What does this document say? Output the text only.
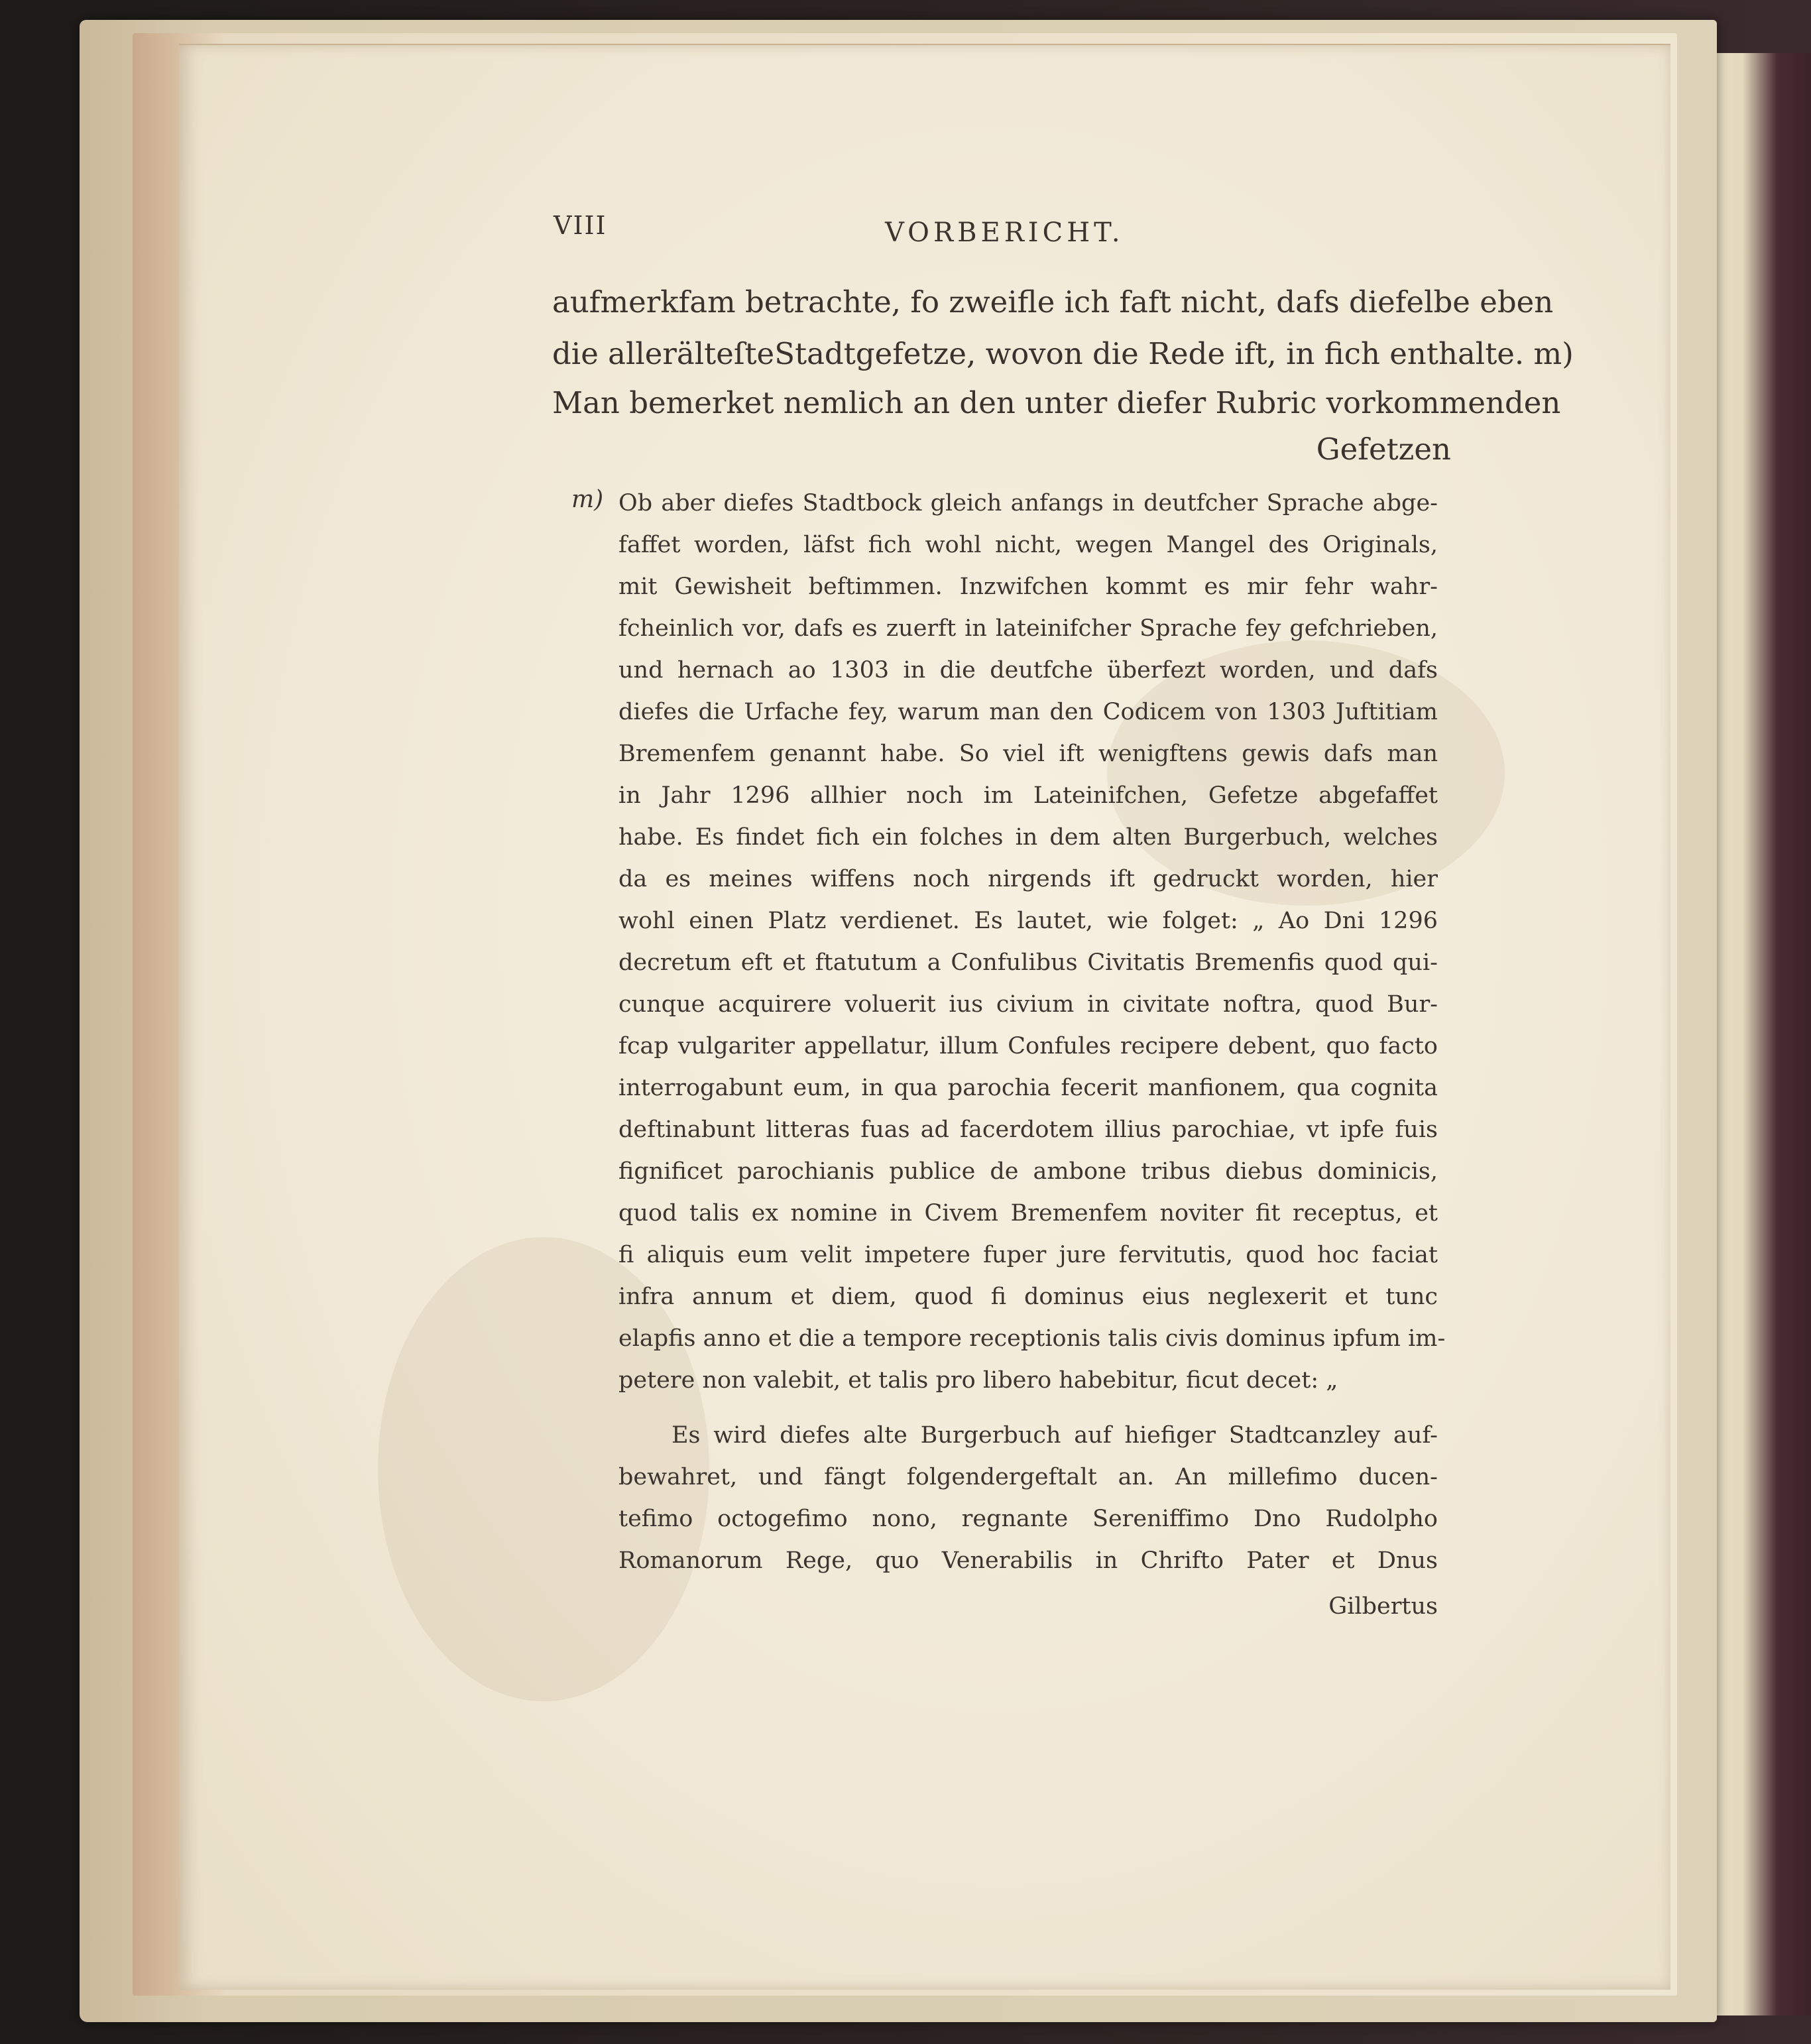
VIII	VORBERICHT.
aufmerkfam betrachte, fo zweifle ich faft nicht, dafs diefelbe eben
die allerälteſteStadtgefetze, wovon die Rede ift, in fich enthalte. m)
Man bemerket nemlich an den unter diefer Rubric vorkommenden
Gefetzen
m) Ob aber diefes Stadtbock gleich anfangs in deutfcher Sprache abge-
faffet worden, läfst fich wohl nicht, wegen Mangel des Originals,
mit Gewisheit beftimmen. Inzwifchen kommt es mir fehr wahr-
fcheinlich vor, dafs es zuerft in lateinifcher Sprache fey gefchrieben,
und hernach ao 1303 in die deutfche überfezt worden, und dafs
diefes die Urfache fey, warum man den Codicem von 1303 Juftitiam
Bremenfem genannt habe. So viel ift wenigftens gewis dafs man
in Jahr 1296 allhier noch im Lateinifchen, Gefetze abgefaffet
habe. Es findet fich ein folches in dem alten Burgerbuch, welches
da es meines wiffens noch nirgends ift gedruckt worden, hier
wohl einen Platz verdienet. Es lautet, wie folget: „ Ao Dni 1296
decretum eft et ftatutum a Confulibus Civitatis Bremenfis quod qui-
cunque acquirere voluerit ius civium in civitate noftra, quod Bur-
fcap vulgariter appellatur, illum Confules recipere debent, quo facto
interrogabunt eum, in qua parochia fecerit manfionem, qua cognita
deftinabunt litteras fuas ad facerdotem illius parochiae, vt ipfe fuis
fignificet parochianis publice de ambone tribus diebus dominicis,
quod talis ex nomine in Civem Bremenfem noviter fit receptus, et
fi aliquis eum velit impetere fuper jure fervitutis, quod hoc faciat
infra annum et diem, quod fi dominus eius neglexerit et tunc
elapfis anno et die a tempore receptionis talis civis dominus ipfum im-
petere non valebit, et talis pro libero habebitur, ficut decet: „
Es wird diefes alte Burgerbuch auf hiefiger Stadtcanzley auf-
bewahret, und fängt folgendergeftalt an. An millefimo ducen-
tefimo octogefimo nono, regnante Sereniffimo Dno Rudolpho
Romanorum Rege, quo Venerabilis in Chrifto Pater et Dnus
Gilbertus
